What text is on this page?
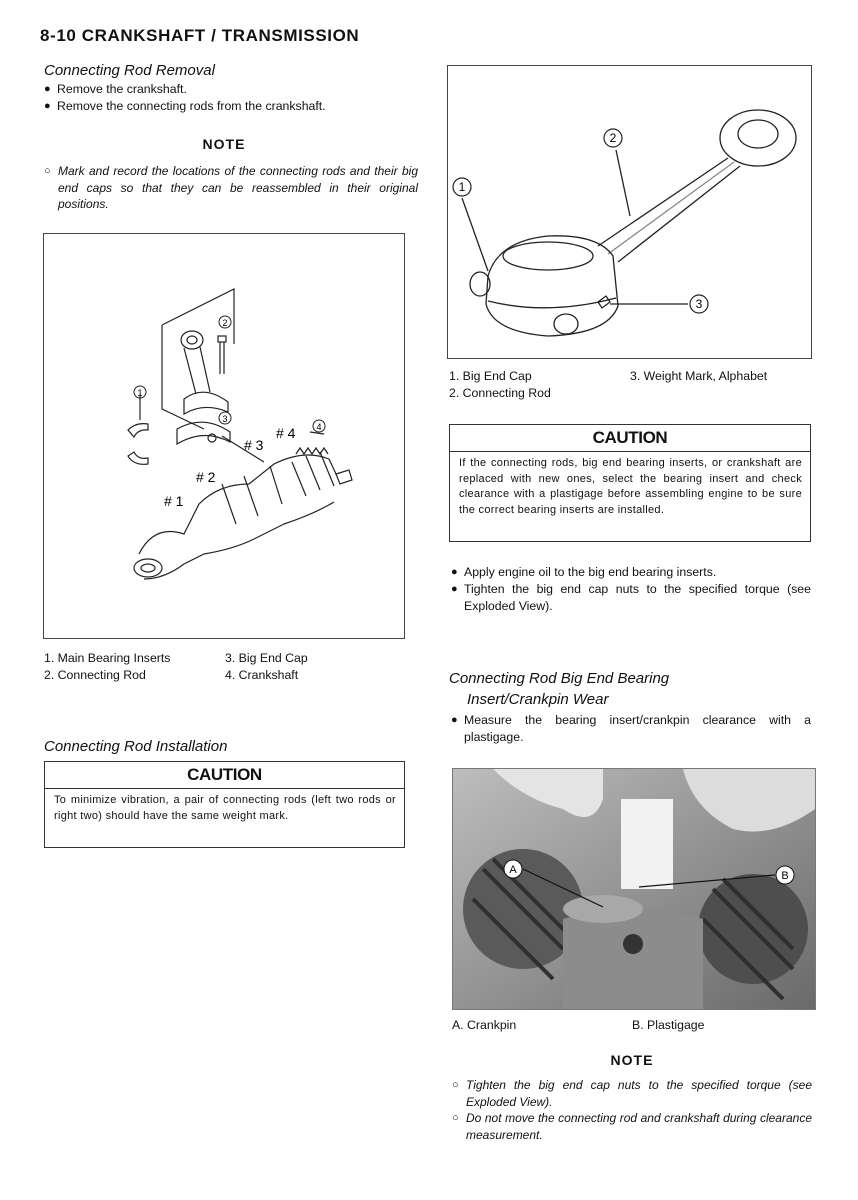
8-10 CRANKSHAFT / TRANSMISSION
Connecting Rod Removal
● Remove the crankshaft.
● Remove the connecting rods from the crankshaft.
NOTE
○ Mark and record the locations of the connecting rods and their big end caps so that they can be reassembled in their original positions.
1
2
3
4
# 1
# 2
# 3
# 4
1. Main Bearing Inserts
2. Connecting Rod
3. Big End Cap
4. Crankshaft
Connecting Rod Installation
CAUTION
To minimize vibration, a pair of connecting rods (left two rods or right two) should have the same weight mark.
1
2
3
1. Big End Cap
2. Connecting Rod
3. Weight Mark, Alphabet
CAUTION
If the connecting rods, big end bearing inserts, or crankshaft are replaced with new ones, select the bearing insert and check clearance with a plastigage before assembling engine to be sure the correct bearing inserts are installed.
● Apply engine oil to the big end bearing inserts.
● Tighten the big end cap nuts to the specified torque (see Exploded View).
Connecting Rod Big End Bearing
Insert/Crankpin Wear
● Measure the bearing insert/crankpin clearance with a plastigage.
A	B
A. Crankpin	B. Plastigage
NOTE
○ Tighten the big end cap nuts to the specified torque (see Exploded View).
○ Do not move the connecting rod and crankshaft during clearance measurement.
